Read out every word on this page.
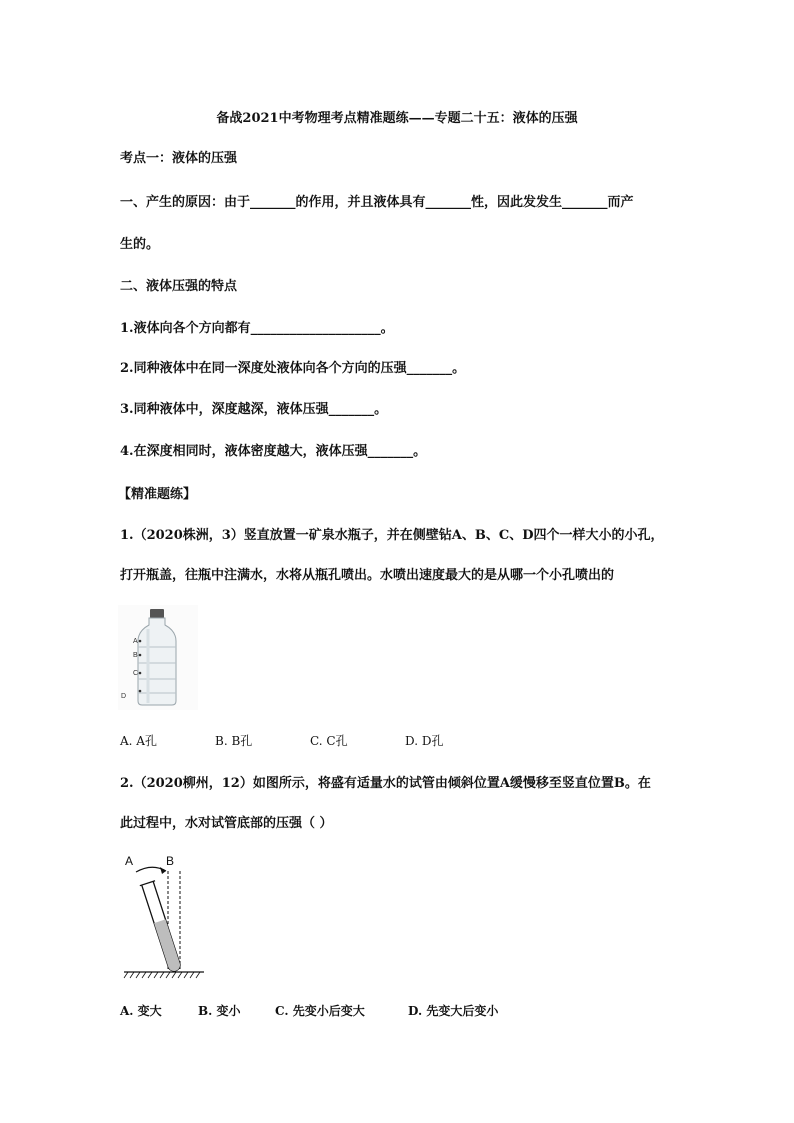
备战2021中考物理考点精准题练——专题二十五：液体的压强
考点一：液体的压强
一、产生的原因：由于_______的作用，并且液体具有_______性，因此发发生_______而产
生的。
二、液体压强的特点
1.液体向各个方向都有____________________。
2.同种液体中在同一深度处液体向各个方向的压强_______。
3.同种液体中，深度越深，液体压强_______。
4.在深度相同时，液体密度越大，液体压强_______。
【精准题练】
1.（2020株洲，3）竖直放置一矿泉水瓶子，并在侧壁钻A、B、C、D四个一样大小的小孔，
打开瓶盖，往瓶中注满水，水将从瓶孔喷出。水喷出速度最大的是从哪一个小孔喷出的
A
B
C
D
A. A孔	B. B孔	C. C孔	D. D孔
2.（2020柳州，12）如图所示，将盛有适量水的试管由倾斜位置A缓慢移至竖直位置B。在
此过程中，水对试管底部的压强（ ）
A	B
A. 变大	B. 变小	C. 先变小后变大	D. 先变大后变小
